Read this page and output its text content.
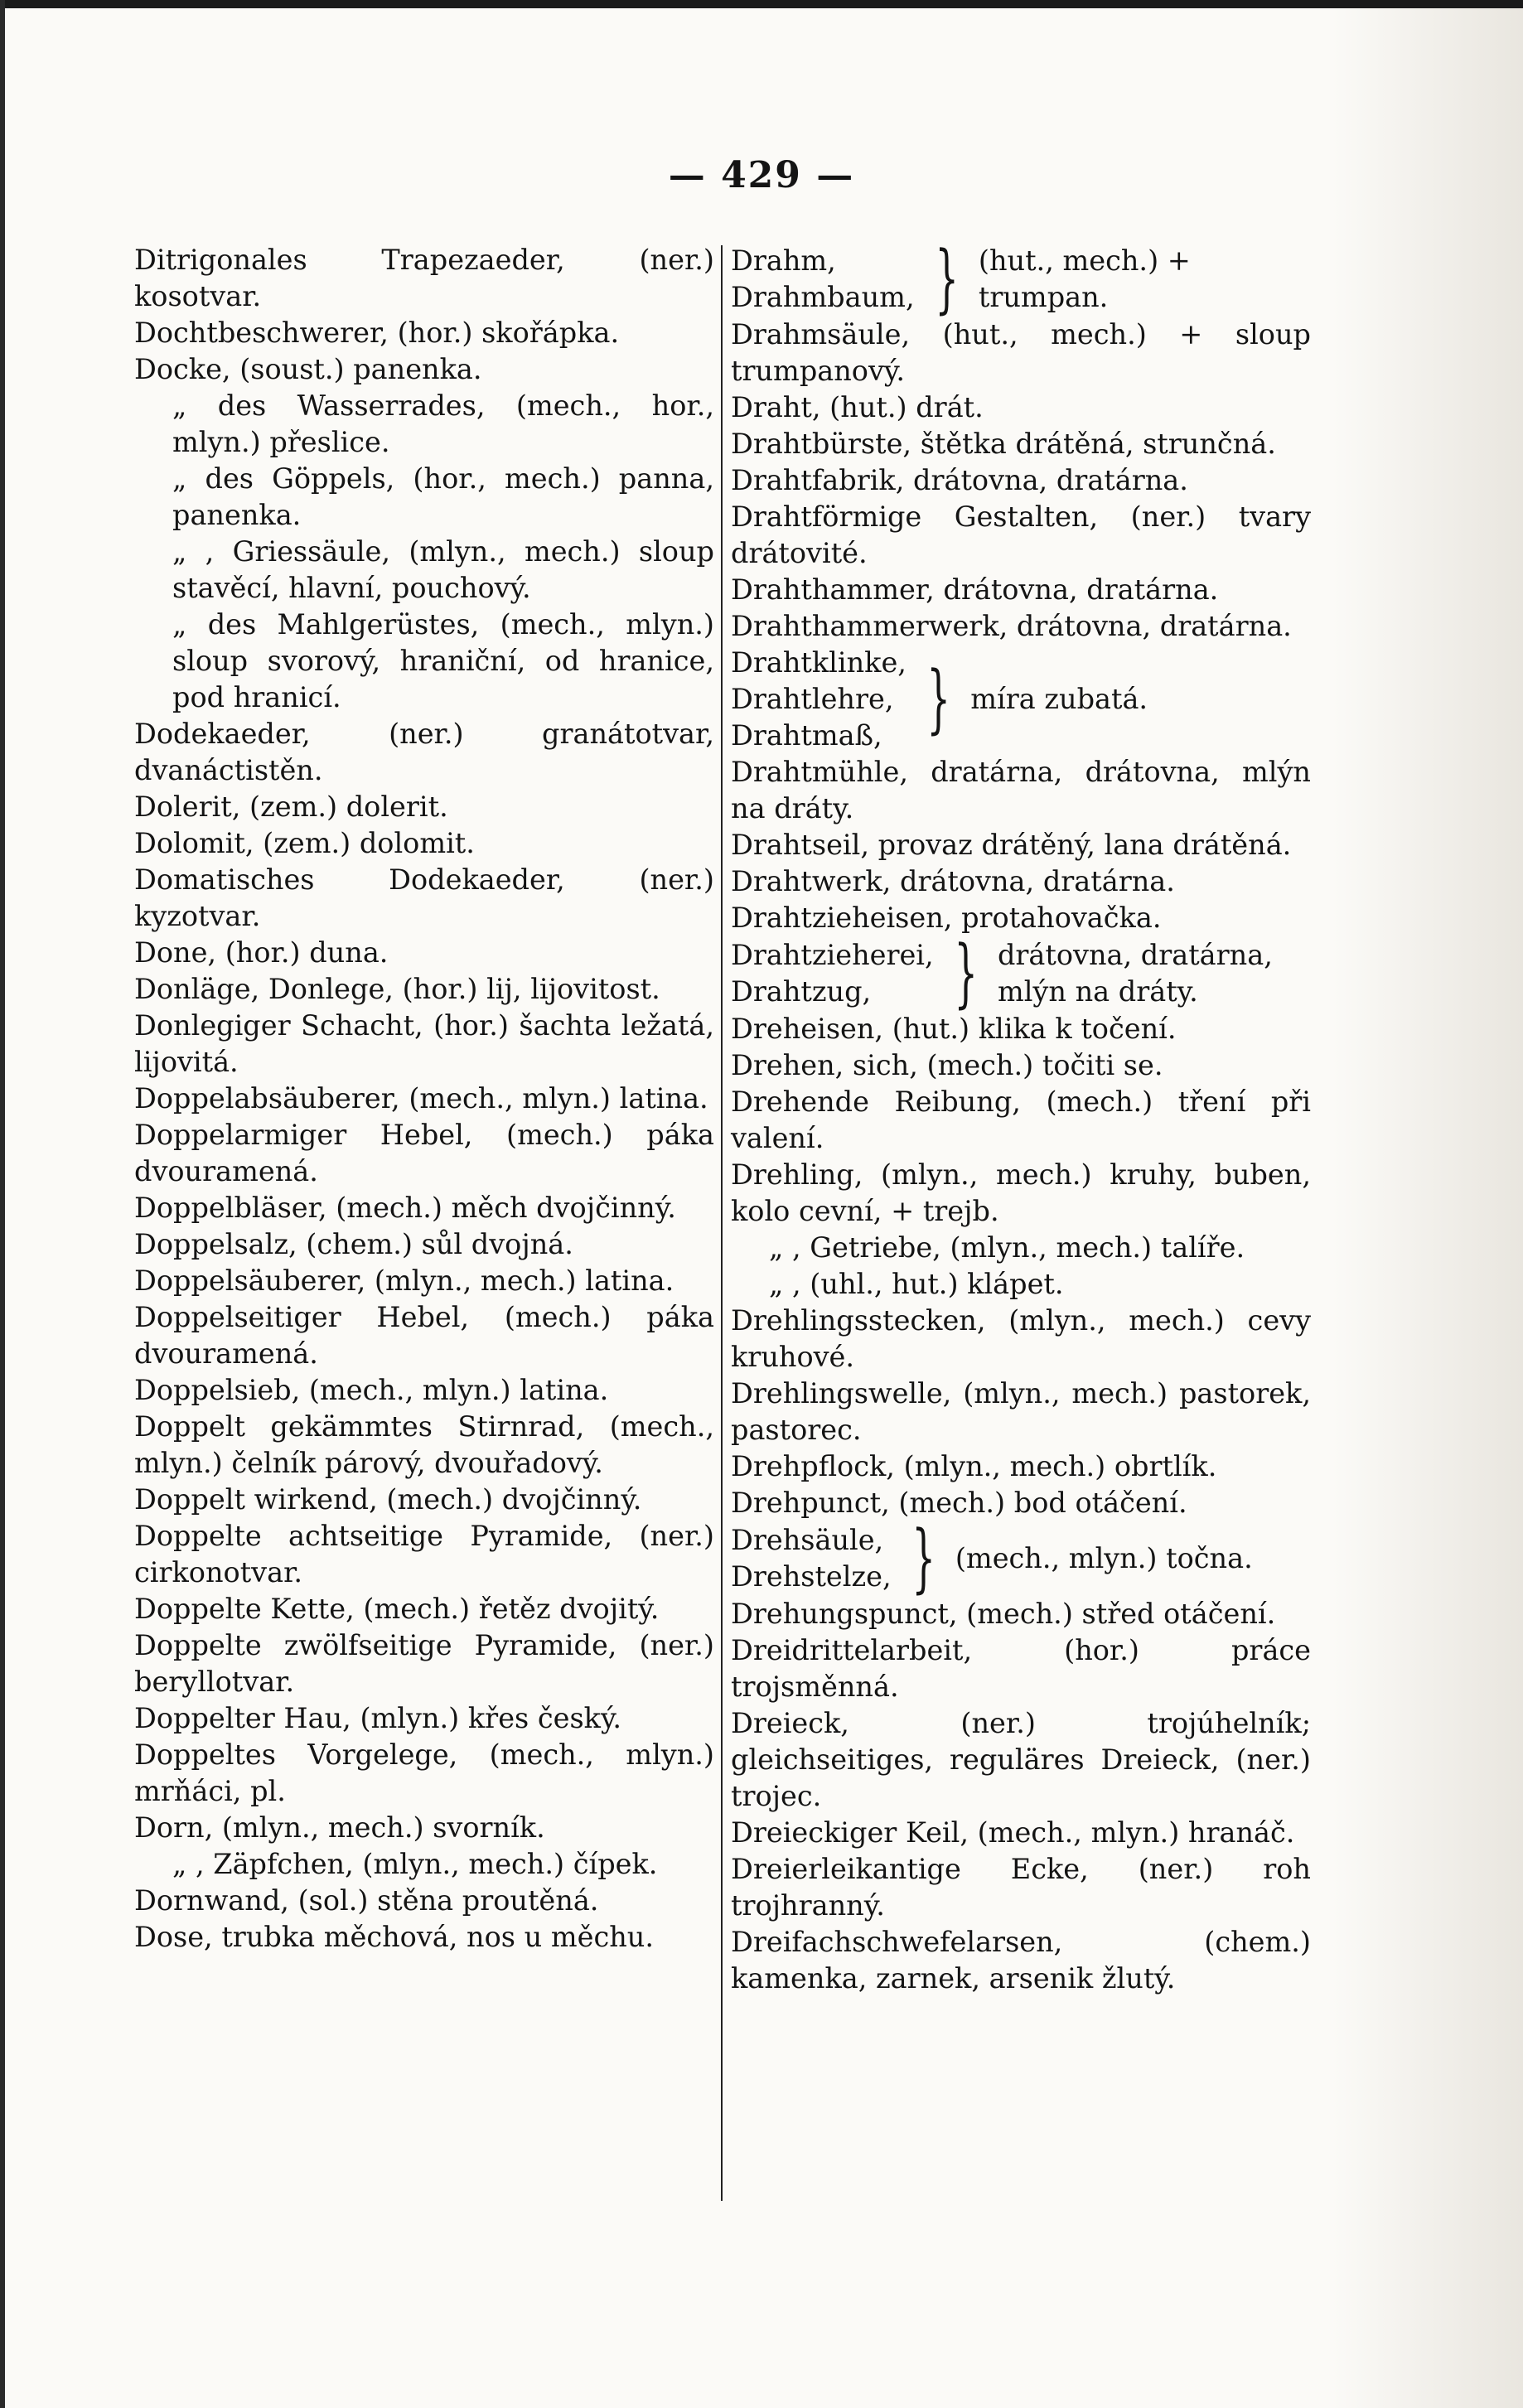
— 429 —

Ditrigonales Trapezaeder, (ner.) kosotvar.

Dochtbeschwerer, (hor.) skořápka.

Docke, (soust.) panenka.

„ des Wasserrades, (mech., hor., mlyn.) přeslice.

„ des Göppels, (hor., mech.) panna, panenka.

„ , Griessäule, (mlyn., mech.) sloup stavěcí, hlavní, pouchový.

„ des Mahlgerüstes, (mech., mlyn.) sloup svorový, hraniční, od hranice, pod hranicí.

Dodekaeder, (ner.) granátotvar, dvanáctistěn.

Dolerit, (zem.) dolerit.

Dolomit, (zem.) dolomit.

Domatisches Dodekaeder, (ner.) kyzotvar.

Done, (hor.) duna.

Donläge, Donlege, (hor.) lij, lijovitost.

Donlegiger Schacht, (hor.) šachta ležatá, lijovitá.

Doppelabsäuberer, (mech., mlyn.) latina.

Doppelarmiger Hebel, (mech.) páka dvouramená.

Doppelbläser, (mech.) měch dvojčinný.

Doppelsalz, (chem.) sůl dvojná.

Doppelsäuberer, (mlyn., mech.) latina.

Doppelseitiger Hebel, (mech.) páka dvouramená.

Doppelsieb, (mech., mlyn.) latina.

Doppelt gekämmtes Stirnrad, (mech., mlyn.) čelník párový, dvouřadový.

Doppelt wirkend, (mech.) dvojčinný.

Doppelte achtseitige Pyramide, (ner.) cirkonotvar.

Doppelte Kette, (mech.) řetěz dvojitý.

Doppelte zwölfseitige Pyramide, (ner.) beryllotvar.

Doppelter Hau, (mlyn.) křes český.

Doppeltes Vorgelege, (mech., mlyn.) mrňáci, pl.

Dorn, (mlyn., mech.) svorník.

„ , Zäpfchen, (mlyn., mech.) čípek.

Dornwand, (sol.) stěna proutěná.

Dose, trubka měchová, nos u měchu.

Drahm,
Drahmbaum, } (hut., mech.) + trumpan.

Drahmsäule, (hut., mech.) + sloup trumpanový.

Draht, (hut.) drát.

Drahtbürste, štětka drátěná, strunčná.

Drahtfabrik, drátovna, dratárna.

Drahtförmige Gestalten, (ner.) tvary drátovité.

Drahthammer, drátovna, dratárna.

Drahthammerwerk, drátovna, dratárna.

Drahtklinke,
Drahtlehre,
Drahtmaß, } míra zubatá.

Drahtmühle, dratárna, drátovna, mlýn na dráty.

Drahtseil, provaz drátěný, lana drátěná.

Drahtwerk, drátovna, dratárna.

Drahtzieheisen, protahovačka.

Drahtzieherei,
Drahtzug,	} drátovna, dratárna, mlýn na dráty.

Dreheisen, (hut.) klika k točení.

Drehen, sich, (mech.) točiti se.

Drehende Reibung, (mech.) tření při valení.

Drehling, (mlyn., mech.) kruhy, buben, kolo cevní, + trejb.

„ , Getriebe, (mlyn., mech.) talíře.

„ , (uhl., hut.) klápet.

Drehlingsstecken, (mlyn., mech.) cevy kruhové.

Drehlingswelle, (mlyn., mech.) pastorek, pastorec.

Drehpflock, (mlyn., mech.) obrtlík.

Drehpunct, (mech.) bod otáčení.

Drehsäule,
Drehstelze, } (mech., mlyn.) točna.

Drehungspunct, (mech.) střed otáčení.

Dreidrittelarbeit, (hor.) práce trojsměnná.

Dreieck, (ner.) trojúhelník; gleichseitiges, reguläres Dreieck, (ner.) trojec.

Dreieckiger Keil, (mech., mlyn.) hranáč.

Dreierleikantige Ecke, (ner.) roh trojhranný.

Dreifachschwefelarsen, (chem.) kamenka, zarnek, arsenik žlutý.
